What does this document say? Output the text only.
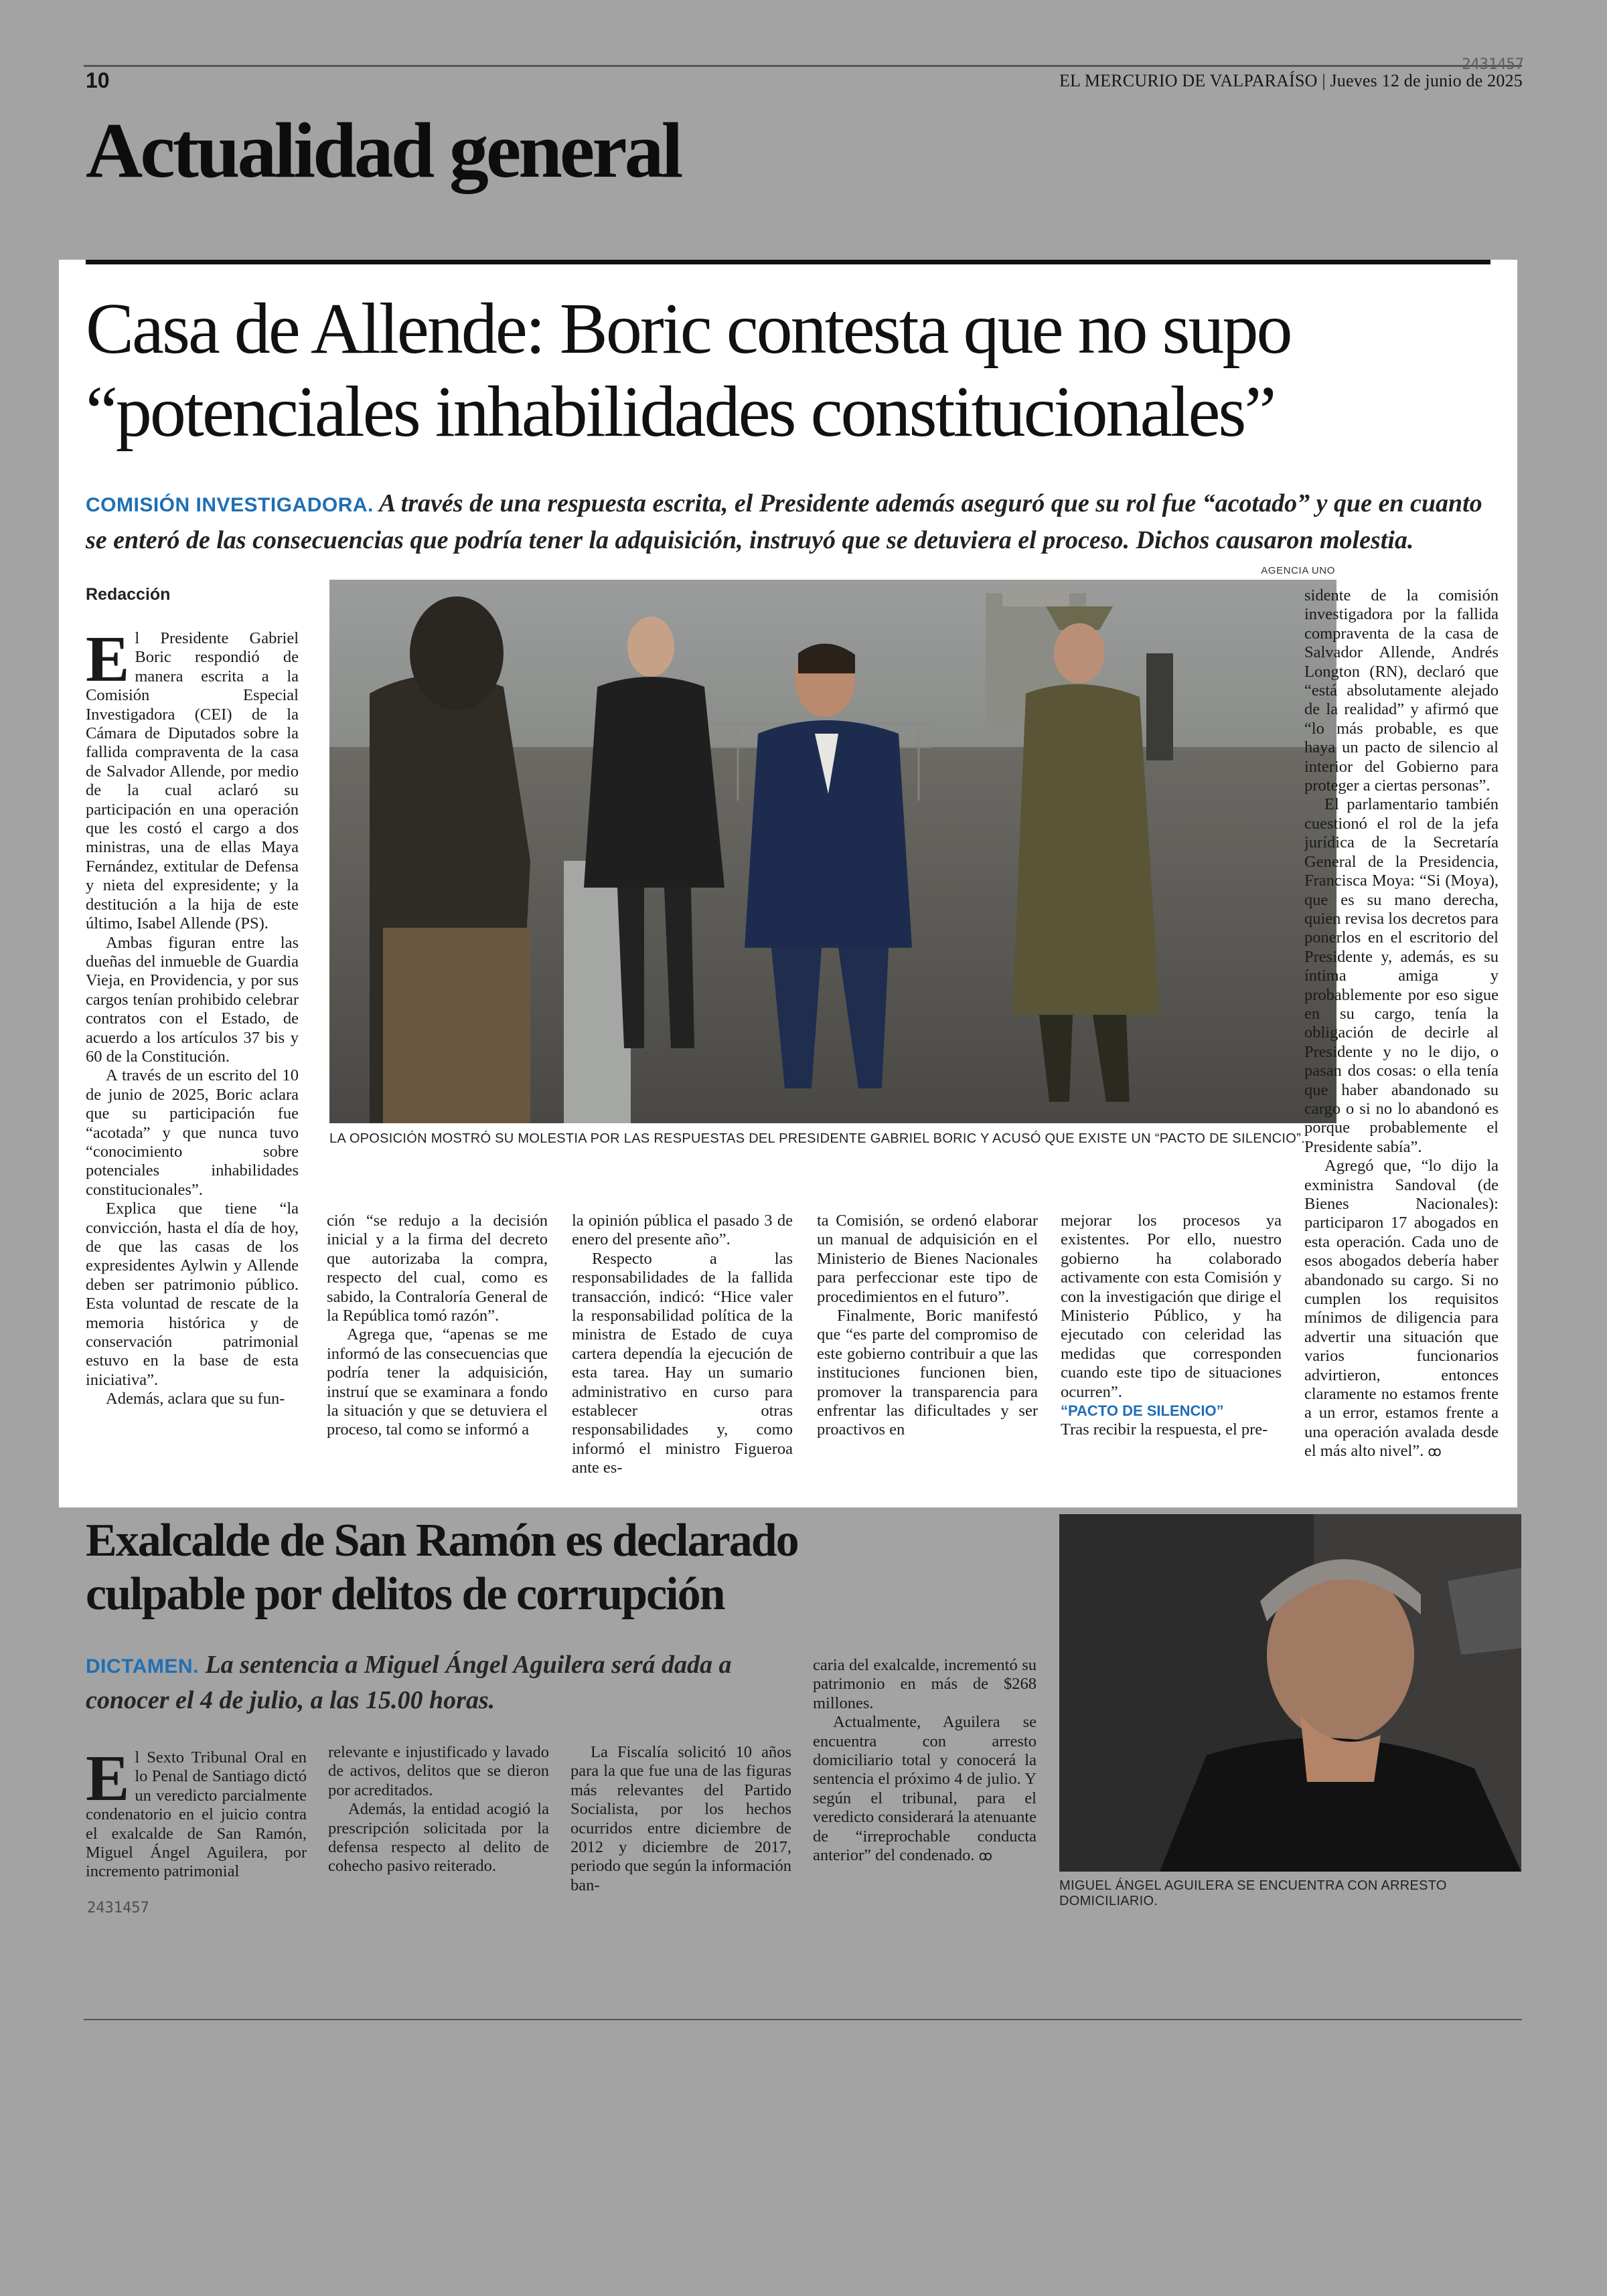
10
2431457
EL MERCURIO DE VALPARAÍSO | Jueves 12 de junio de 2025
Actualidad general
Casa de Allende: Boric contesta que no supo
“potenciales inhabilidades constitucionales”
COMISIÓN INVESTIGADORA. A través de una respuesta escrita, el Presidente además aseguró que su rol fue “acotado” y que en cuanto se enteró de las consecuencias que podría tener la adquisición, instruyó que se detuviera el proceso. Dichos causaron molestia.
Redacción
AGENCIA UNO
LA OPOSICIÓN MOSTRÓ SU MOLESTIA POR LAS RESPUESTAS DEL PRESIDENTE GABRIEL BORIC Y ACUSÓ QUE EXISTE UN “PACTO DE SILENCIO”.

El Presidente Gabriel Boric respondió de manera escrita a la Comisión Especial Investigadora (CEI) de la Cámara de Diputados sobre la fallida compraventa de la casa de Salvador Allende, por medio de la cual aclaró su participación en una operación que les costó el cargo a dos ministras, una de ellas Maya Fernández, extitular de Defensa y nieta del expresidente; y la destitución a la hija de este último, Isabel Allende (PS).

Ambas figuran entre las dueñas del inmueble de Guardia Vieja, en Providencia, y por sus cargos tenían prohibido celebrar contratos con el Estado, de acuerdo a los artículos 37 bis y 60 de la Constitución.

A través de un escrito del 10 de junio de 2025, Boric aclara que su participación fue “acotada” y que nunca tuvo “conocimiento sobre potenciales inhabilidades constitucionales”.

Explica que tiene “la convicción, hasta el día de hoy, de que las casas de los expresidentes Aylwin y Allende deben ser patrimonio público. Esta voluntad de rescate de la memoria histórica y de conservación patrimonial estuvo en la base de esta iniciativa”.

Además, aclara que su fun-

ción “se redujo a la decisión inicial y a la firma del decreto que autorizaba la compra, respecto del cual, como es sabido, la Contraloría General de la República tomó razón”.

Agrega que, “apenas se me informó de las consecuencias que podría tener la adquisición, instruí que se examinara a fondo la situación y que se detuviera el proceso, tal como se informó a

la opinión pública el pasado 3 de enero del presente año”.

Respecto a las responsabilidades de la fallida transacción, indicó: “Hice valer la responsabilidad política de la ministra de Estado de cuya cartera dependía la ejecución de esta tarea. Hay un sumario administrativo en curso para establecer otras responsabilidades y, como informó el ministro Figueroa ante es-

ta Comisión, se ordenó elaborar un manual de adquisición en el Ministerio de Bienes Nacionales para perfeccionar este tipo de procedimientos en el futuro”.

Finalmente, Boric manifestó que “es parte del compromiso de este gobierno contribuir a que las instituciones funcionen bien, promover la transparencia para enfrentar las dificultades y ser proactivos en

mejorar los procesos ya existentes. Por ello, nuestro gobierno ha colaborado activamente con esta Comisión y con la investigación que dirige el Ministerio Público, y ha ejecutado con celeridad las medidas que corresponden cuando este tipo de situaciones ocurren”.

“PACTO DE SILENCIO”

Tras recibir la respuesta, el pre-

sidente de la comisión investigadora por la fallida compraventa de la casa de Salvador Allende, Andrés Longton (RN), declaró que “está absolutamente alejado de la realidad” y afirmó que “lo más probable, es que haya un pacto de silencio al interior del Gobierno para proteger a ciertas personas”.

El parlamentario también cuestionó el rol de la jefa jurídica de la Secretaría General de la Presidencia, Francisca Moya: “Si (Moya), que es su mano derecha, quien revisa los decretos para ponerlos en el escritorio del Presidente y, además, es su íntima amiga y probablemente por eso sigue en su cargo, tenía la obligación de decirle al Presidente y no le dijo, o pasan dos cosas: o ella tenía que haber abandonado su cargo o si no lo abandonó es porque probablemente el Presidente sabía”.

Agregó que, “lo dijo la exministra Sandoval (de Bienes Nacionales): participaron 17 abogados en esta operación. Cada uno de esos abogados debería haber abandonado su cargo. Si no cumplen los requisitos mínimos de diligencia para advertir una situación que varios funcionarios advirtieron, entonces claramente no estamos frente a un error, estamos frente a una operación avalada desde el más alto nivel”. ꝏ

Exalcalde de San Ramón es declarado
culpable por delitos de corrupción
DICTAMEN. La sentencia a Miguel Ángel Aguilera será dada a conocer el 4 de julio, a las 15.00 horas.
MIGUEL ÁNGEL AGUILERA SE ENCUENTRA CON ARRESTO DOMICILIARIO.

El Sexto Tribunal Oral en lo Penal de Santiago dictó un veredicto parcialmente condenatorio en el juicio contra el exalcalde de San Ramón, Miguel Ángel Aguilera, por incremento patrimonial

relevante e injustificado y lavado de activos, delitos que se dieron por acreditados.

Además, la entidad acogió la prescripción solicitada por la defensa respecto al delito de cohecho pasivo reiterado.

La Fiscalía solicitó 10 años para la que fue una de las figuras más relevantes del Partido Socialista, por los hechos ocurridos entre diciembre de 2012 y diciembre de 2017, periodo que según la información ban-

caria del exalcalde, incrementó su patrimonio en más de $268 millones.

Actualmente, Aguilera se encuentra con arresto domiciliario total y conocerá la sentencia el próximo 4 de julio. Y según el tribunal, para el veredicto considerará la atenuante de “irreprochable conducta anterior” del condenado. ꝏ

2431457
